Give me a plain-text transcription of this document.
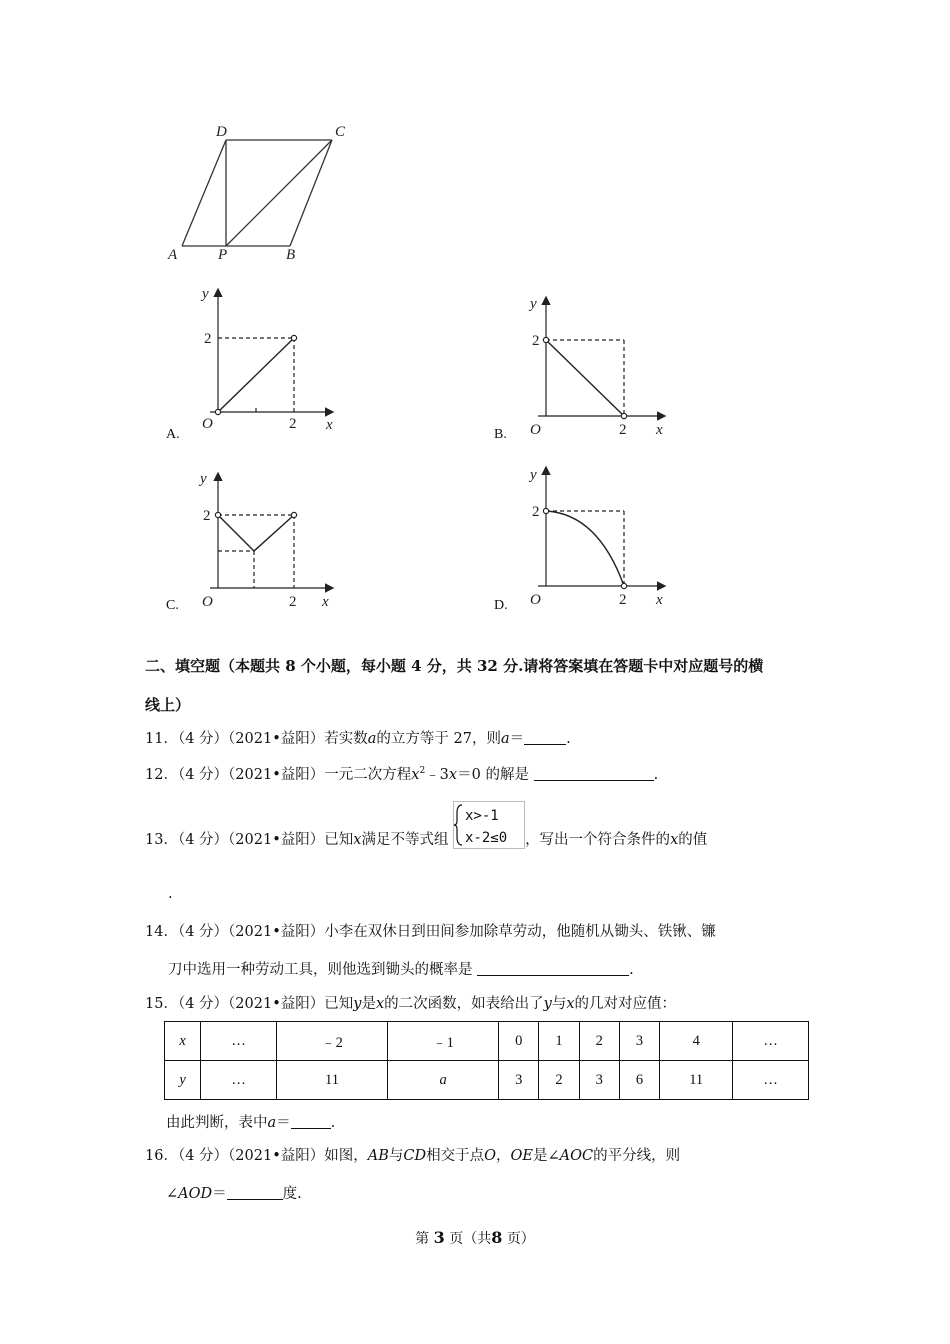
D	C
A	P	B
y
x
O
2
2
A.
y
x
O
2
2
B.
y
x
O
2
2
C.
y
x
O
2
2
D.
二、填空题（本题共 8 个小题，每小题 4 分，共 32 分.请将答案填在答题卡中对应题号的横
线上）
11．（4 分）（2021•益阳）若实数a的立方等于 27，则a＝	.
12．（4 分）（2021•益阳）一元二次方程$x^2﹣3x=0$ 的解是	.
13．（4 分）（2021•益阳）已知x满足不等式组
x>-1
x-2≤0 ，写出一个符合条件的x的值
.
14．（4 分）（2021•益阳）小李在双休日到田间参加除草劳动，他随机从锄头、铁锹、镰
刀中选用一种劳动工具，则他选到锄头的概率是	.
15．（4 分）（2021•益阳）已知y是x的二次函数，如表给出了y与x的几对对应值：
x	…	﹣2	﹣1	0	1	2	3	4	…
y	…	11	a	3	2	3	6	11	…
由此判断，表中a＝	.
16．（4 分）（2021•益阳）如图，AB与CD相交于点O，OE是∠AOC的平分线，则
∠AOD＝	度.
第 3 页（共8 页）
